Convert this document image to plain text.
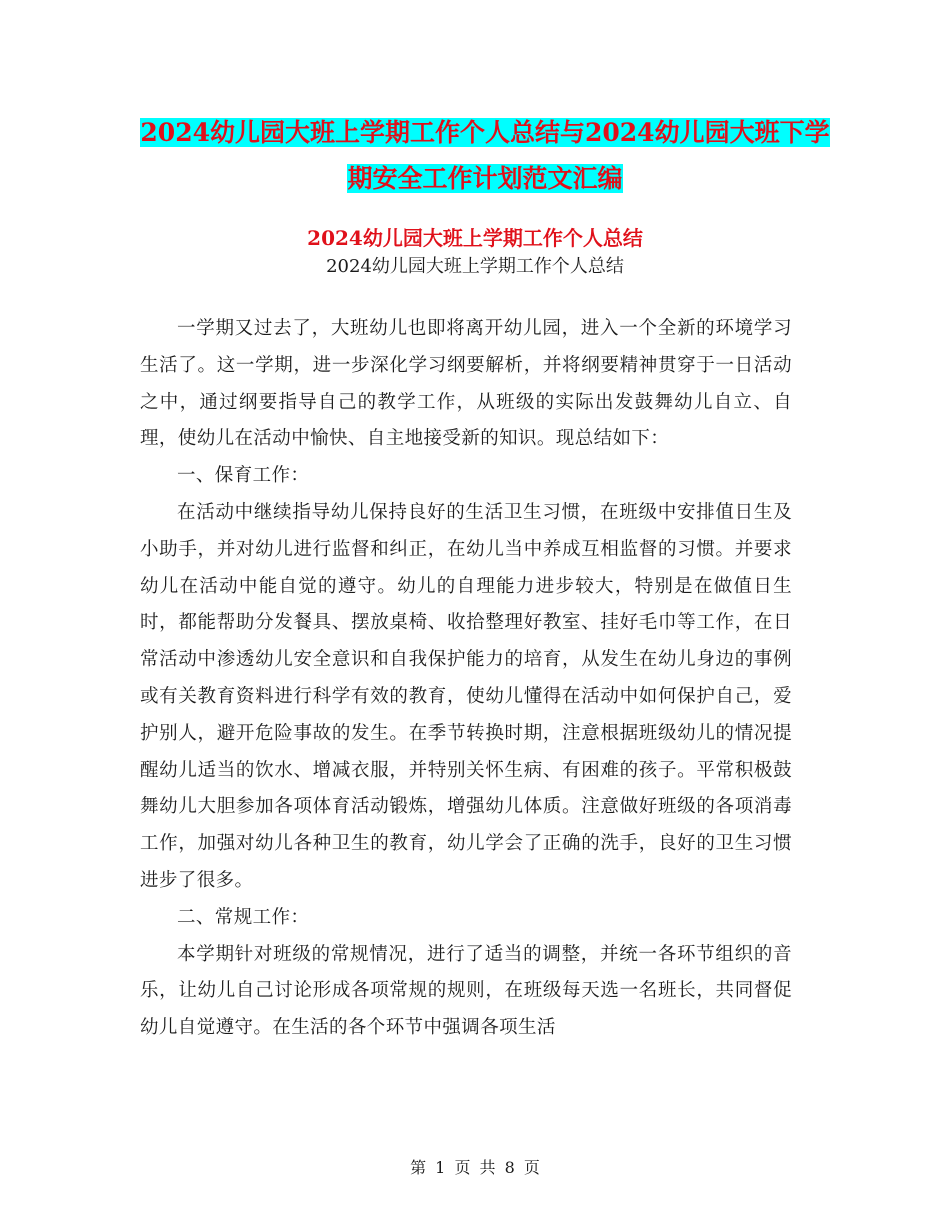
2024幼儿园大班上学期工作个人总结与2024幼儿园大班下学期安全工作计划范文汇编
2024幼儿园大班上学期工作个人总结
2024幼儿园大班上学期工作个人总结

一学期又过去了，大班幼儿也即将离开幼儿园，进入一个全新的环境学习生活了。这一学期，进一步深化学习纲要解析，并将纲要精神贯穿于一日活动之中，通过纲要指导自己的教学工作，从班级的实际出发鼓舞幼儿自立、自理，使幼儿在活动中愉快、自主地接受新的知识。现总结如下：

一、保育工作：

在活动中继续指导幼儿保持良好的生活卫生习惯，在班级中安排值日生及小助手，并对幼儿进行监督和纠正，在幼儿当中养成互相监督的习惯。并要求幼儿在活动中能自觉的遵守。幼儿的自理能力进步较大，特别是在做值日生时，都能帮助分发餐具、摆放桌椅、收拾整理好教室、挂好毛巾等工作，在日常活动中渗透幼儿安全意识和自我保护能力的培育，从发生在幼儿身边的事例或有关教育资料进行科学有效的教育，使幼儿懂得在活动中如何保护自己，爱护别人，避开危险事故的发生。在季节转换时期，注意根据班级幼儿的情况提醒幼儿适当的饮水、增减衣服，并特别关怀生病、有困难的孩子。平常积极鼓舞幼儿大胆参加各项体育活动锻炼，增强幼儿体质。注意做好班级的各项消毒工作，加强对幼儿各种卫生的教育，幼儿学会了正确的洗手，良好的卫生习惯进步了很多。

二、常规工作：

本学期针对班级的常规情况，进行了适当的调整，并统一各环节组织的音乐，让幼儿自己讨论形成各项常规的规则，在班级每天选一名班长，共同督促幼儿自觉遵守。在生活的各个环节中强调各项生活

第 1 页 共 8 页
